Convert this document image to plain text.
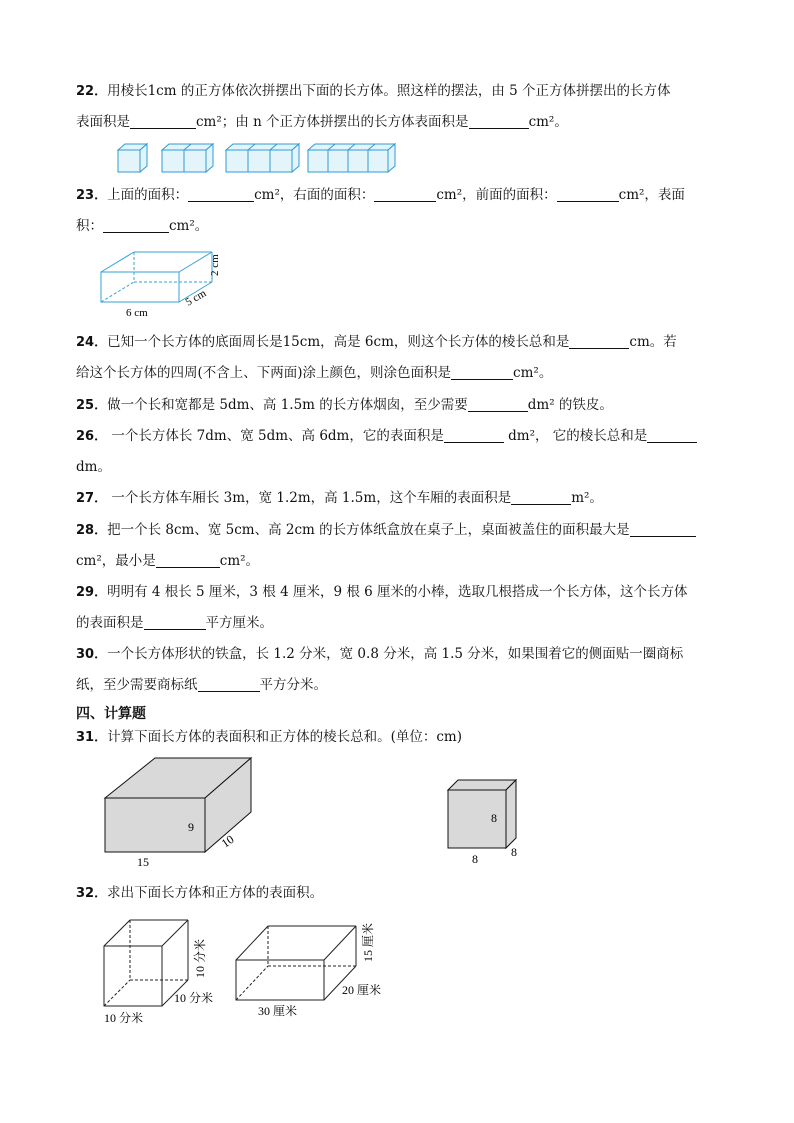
22．用棱长1cm 的正方体依次拼摆出下面的长方体。照这样的摆法，由 5 个正方体拼摆出的长方体
表面积是	cm²；由 n 个正方体拼摆出的长方体表面积是	cm²。
23．上面的面积：	cm²，右面的面积：	cm²，前面的面积：	cm²，表面
积：	cm²。
6 cm
5 cm
2 cm
24．已知一个长方体的底面周长是15cm，高是 6cm，则这个长方体的棱长总和是	cm。若
给这个长方体的四周(不含上、下两面)涂上颜色，则涂色面积是	cm²。
25．做一个长和宽都是 5dm、高 1.5m 的长方体烟囱，至少需要	dm² 的铁皮。
26． 一个长方体长 7dm、宽 5dm、高 6dm，它的表面积是	dm²， 它的棱长总和是
dm。
27． 一个长方体车厢长 3m，宽 1.2m，高 1.5m，这个车厢的表面积是	m²。
28．把一个长 8cm、宽 5cm、高 2cm 的长方体纸盒放在桌子上，桌面被盖住的面积最大是
cm²，最小是	cm²。
29．明明有 4 根长 5 厘米，3 根 4 厘米，9 根 6 厘米的小棒，选取几根搭成一个长方体，这个长方体
的表面积是	平方厘米。
30．一个长方体形状的铁盒，长 1.2 分米，宽 0.8 分米，高 1.5 分米，如果围着它的侧面贴一圈商标
纸，至少需要商标纸	平方分米。
四、计算题
31．计算下面长方体的表面积和正方体的棱长总和。(单位：cm)
15
9
10
8
8	8
32．求出下面长方体和正方体的表面积。
10 分米
10 分米
10 分米
15 厘米
20 厘米
30 厘米
